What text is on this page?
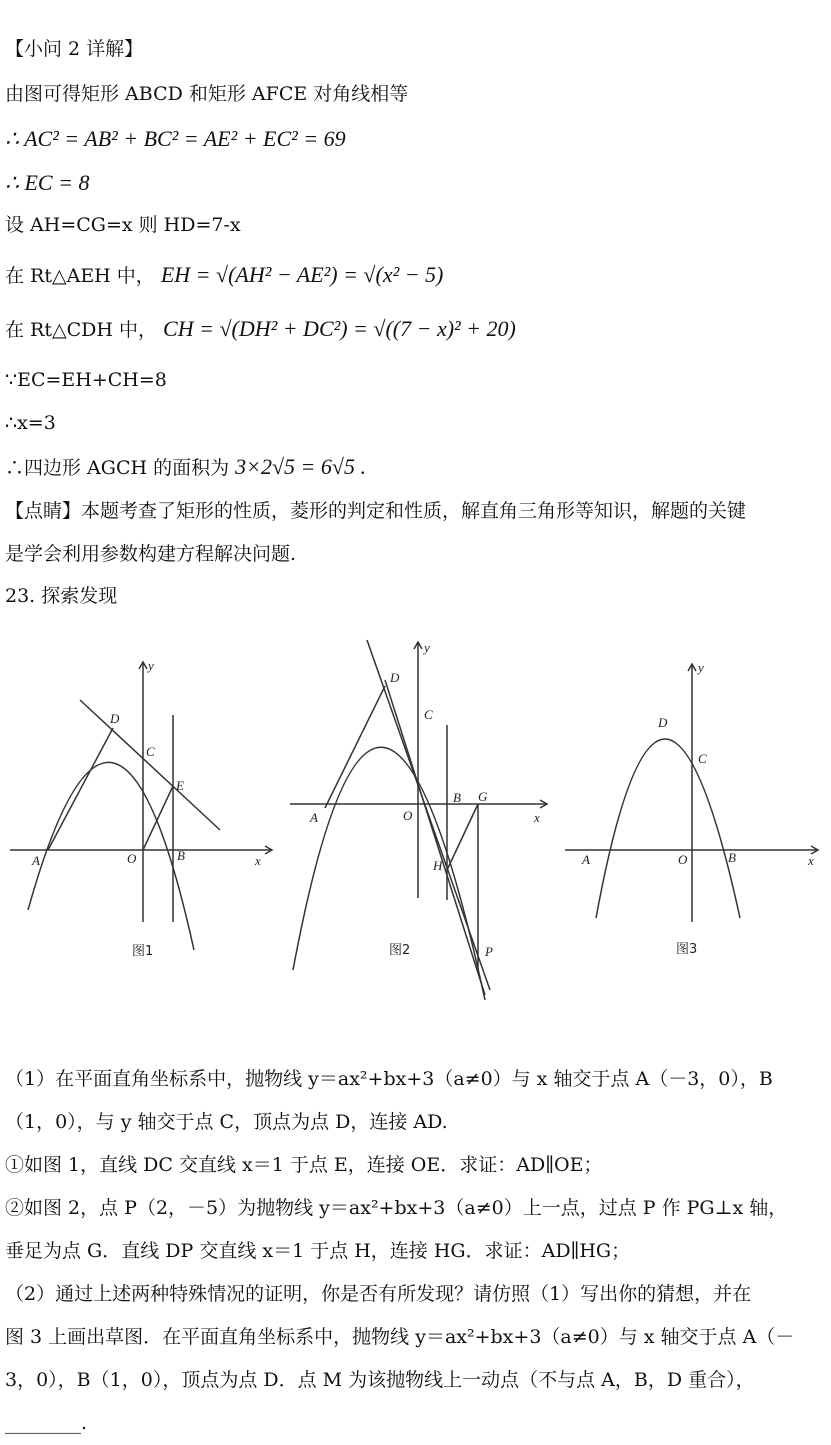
【小问 2 详解】
由图可得矩形 ABCD 和矩形 AFCE 对角线相等
∴ AC² = AB² + BC² = AE² + EC² = 69
∴ EC = 8
设 AH=CG=x 则 HD=7-x
在 Rt△AEH 中， EH = √(AH² − AE²) = √(x² − 5)
在 Rt△CDH 中， CH = √(DH² + DC²) = √((7 − x)² + 20)
∵EC=EH+CH=8
∴x=3
∴四边形 AGCH 的面积为 3×2√5 = 6√5 .
【点睛】本题考查了矩形的性质，菱形的判定和性质，解直角三角形等知识，解题的关键
是学会利用参数构建方程解决问题.
23. 探索发现
D
C
E
A	O	B
y
x
图1
D
C
B G
A	O
H
P
y
x
图2
D
C
A	O	B
y
x
图3
（1）在平面直角坐标系中，抛物线 y＝ax²+bx+3（a≠0）与 x 轴交于点 A（－3，0），B
（1，0），与 y 轴交于点 C，顶点为点 D，连接 AD.
①如图 1，直线 DC 交直线 x＝1 于点 E，连接 OE．求证：AD∥OE；
②如图 2，点 P（2，－5）为抛物线 y＝ax²+bx+3（a≠0）上一点，过点 P 作 PG⊥x 轴，
垂足为点 G．直线 DP 交直线 x＝1 于点 H，连接 HG．求证：AD∥HG；
（2）通过上述两种特殊情况的证明，你是否有所发现？请仿照（1）写出你的猜想，并在
图 3 上画出草图．在平面直角坐标系中，抛物线 y＝ax²+bx+3（a≠0）与 x 轴交于点 A（－
3，0），B（1，0），顶点为点 D．点 M 为该抛物线上一动点（不与点 A，B，D 重合），
________.
